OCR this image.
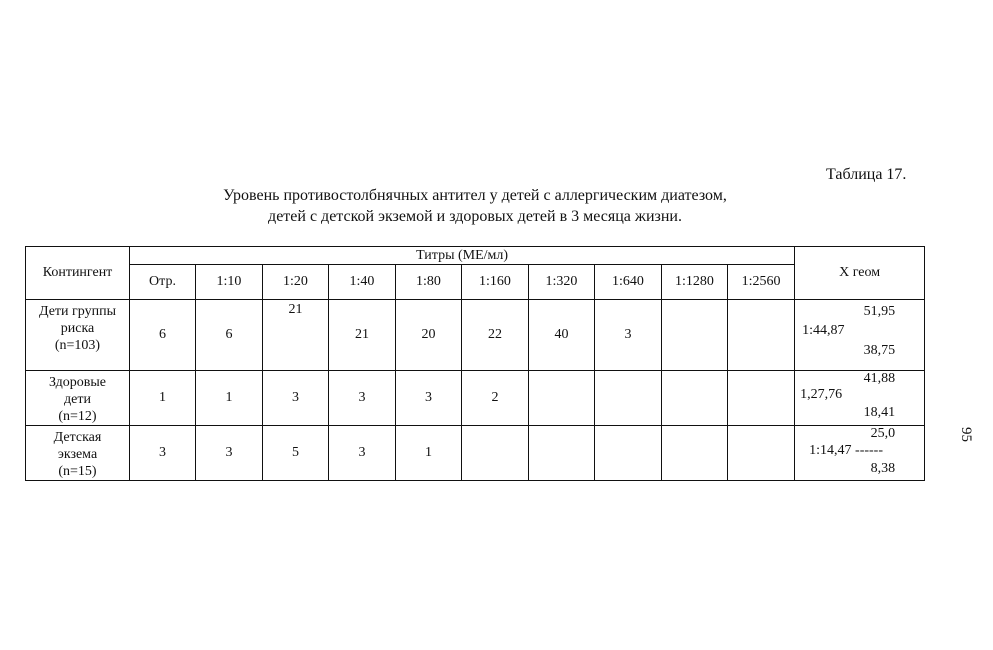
Таблица 17.
Уровень противостолбнячных антител у детей с аллергическим диатезом,
детей с детской экземой и здоровых детей в 3 месяца жизни.
95
Контингент	Титры (МЕ/мл)										X геом
	Отр.	1:10	1:20	1:40	1:80	1:160	1:320	1:640	1:1280	1:2560	

Дети группы
риска
(n=103)	6	6	21	21	20	22	40	3			51,95
1:44,87
38,75

Здоровые
дети
(n=12)	1	1	3	3	3	2					41,88
1,27,76
18,41

Детская
экзема
(n=15)	3	3	5	3	1						25,0
1:14,47 ------
8,38
